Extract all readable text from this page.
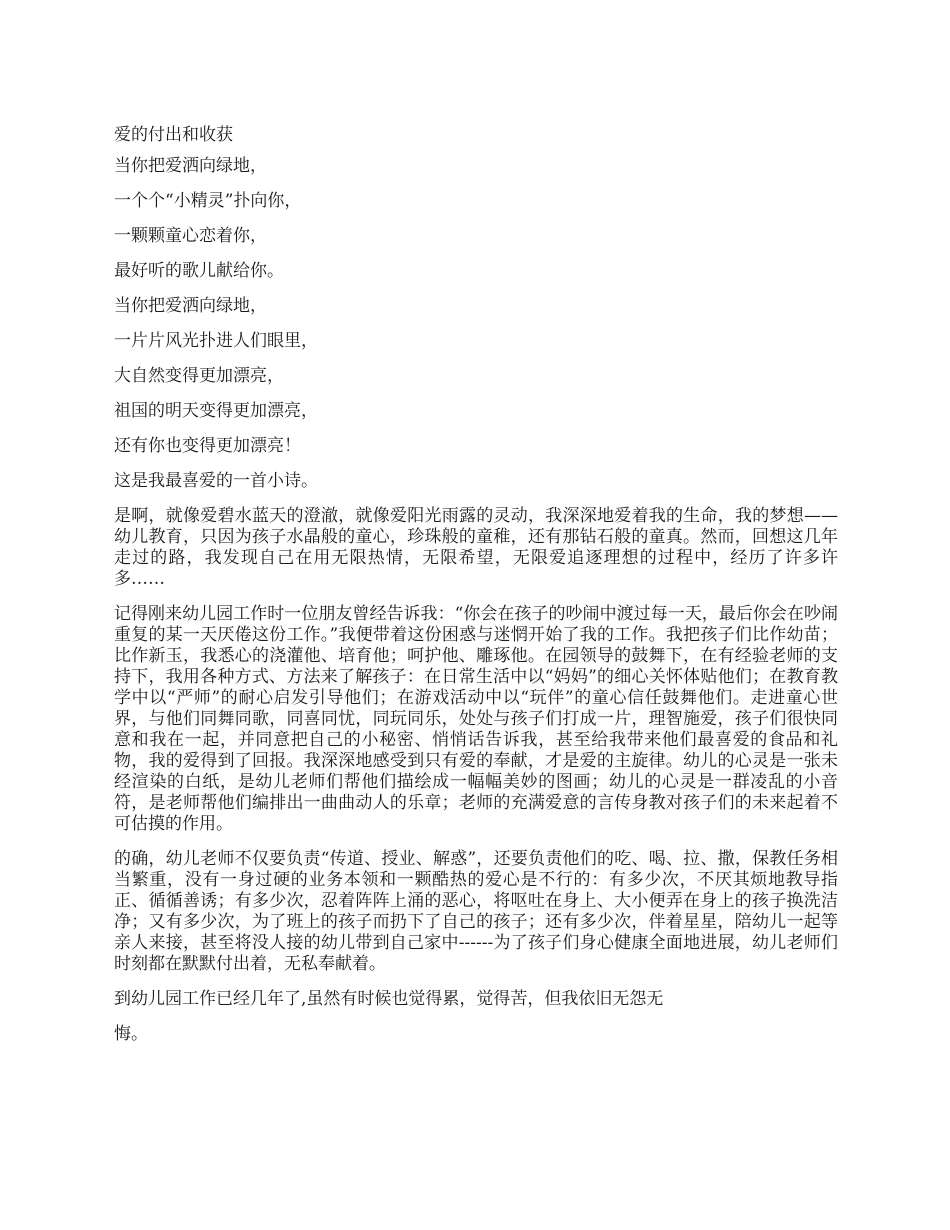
爱的付出和收获
当你把爱洒向绿地，
一个个“小精灵”扑向你，
一颗颗童心恋着你，
最好听的歌儿献给你。
当你把爱洒向绿地，
一片片风光扑进人们眼里，
大自然变得更加漂亮，
祖国的明天变得更加漂亮，
还有你也变得更加漂亮！
这是我最喜爱的一首小诗。

是啊，就像爱碧水蓝天的澄澈，就像爱阳光雨露的灵动，我深深地爱着我的生命，我的梦想——幼儿教育，只因为孩子水晶般的童心，珍珠般的童稚，还有那钻石般的童真。然而，回想这几年走过的路，我发现自己在用无限热情，无限希望，无限爱追逐理想的过程中，经历了许多许多……

记得刚来幼儿园工作时一位朋友曾经告诉我：“你会在孩子的吵闹中渡过每一天，最后你会在吵闹重复的某一天厌倦这份工作。”我便带着这份困惑与迷惘开始了我的工作。我把孩子们比作幼苗；比作新玉，我悉心的浇灌他、培育他；呵护他、雕琢他。在园领导的鼓舞下，在有经验老师的支持下，我用各种方式、方法来了解孩子：在日常生活中以“妈妈”的细心关怀体贴他们；在教育教学中以“严师”的耐心启发引导他们；在游戏活动中以“玩伴”的童心信任鼓舞他们。走进童心世界，与他们同舞同歌，同喜同忧，同玩同乐，处处与孩子们打成一片，理智施爱，孩子们很快同意和我在一起，并同意把自己的小秘密、悄悄话告诉我，甚至给我带来他们最喜爱的食品和礼物，我的爱得到了回报。我深深地感受到只有爱的奉献，才是爱的主旋律。幼儿的心灵是一张未经渲染的白纸，是幼儿老师们帮他们描绘成一幅幅美妙的图画；幼儿的心灵是一群凌乱的小音符，是老师帮他们编排出一曲曲动人的乐章；老师的充满爱意的言传身教对孩子们的未来起着不可估摸的作用。

的确，幼儿老师不仅要负责“传道、授业、解惑”，还要负责他们的吃、喝、拉、撒，保教任务相当繁重，没有一身过硬的业务本领和一颗酷热的爱心是不行的：有多少次，不厌其烦地教导指正、循循善诱；有多少次，忍着阵阵上涌的恶心，将呕吐在身上、大小便弄在身上的孩子换洗洁净；又有多少次，为了班上的孩子而扔下了自己的孩子；还有多少次，伴着星星，陪幼儿一起等亲人来接，甚至将没人接的幼儿带到自己家中------为了孩子们身心健康全面地进展，幼儿老师们时刻都在默默付出着，无私奉献着。

到幼儿园工作已经几年了,虽然有时候也觉得累，觉得苦，但我依旧无怨无
悔。
